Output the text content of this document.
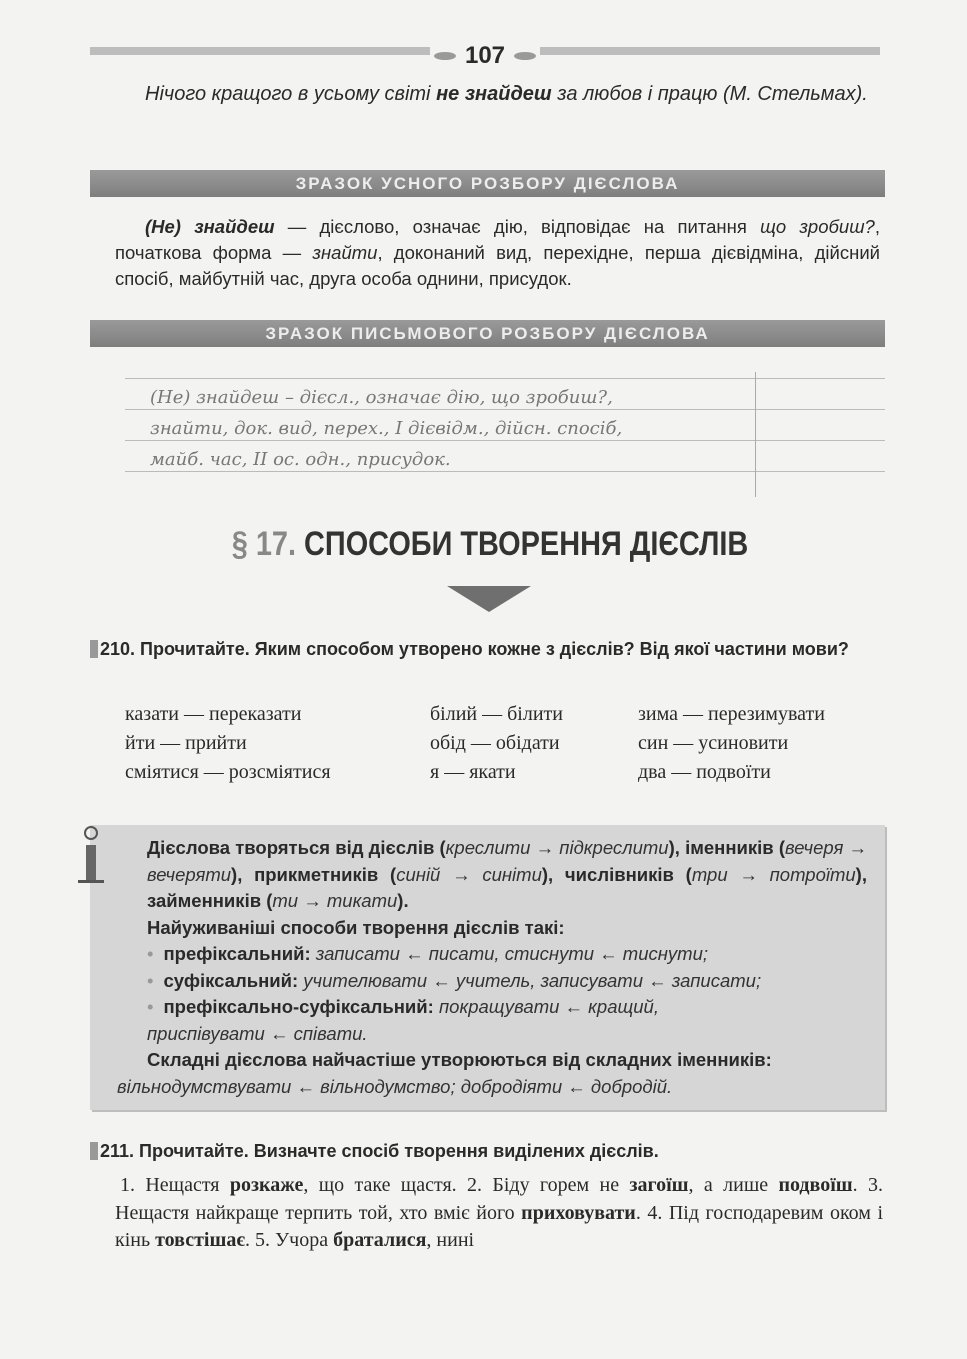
107
Нічого кращого в усьому світі не знайдеш за любов і працю (М. Стельмах).
ЗРАЗОК УСНОГО РОЗБОРУ ДІЄСЛОВА
(Не) знайдеш — дієслово, означає дію, відповідає на питання що зробиш?, початкова форма — знайти, доконаний вид, перехідне, перша дієвідміна, дійсний спосіб, майбутній час, друга особа однини, присудок.
ЗРАЗОК ПИСЬМОВОГО РОЗБОРУ ДІЄСЛОВА
(Не) знайдеш – дієсл., означає дію, що зробиш?,
знайти, док. вид, перех., І дієвідм., дійсн. спосіб,
майб. час, ІІ ос. одн., присудок.
§ 17. СПОСОБИ ТВОРЕННЯ ДІЄСЛІВ
210. Прочитайте. Яким способом утворено кожне з дієслів? Від якої частини мови?
казати — переказати	білий — білити	зима — перезимувати
йти — прийти	обід — обідати	син — усиновити
сміятися — розсміятися	я — якати	два — подвоїти
Дієслова творяться від дієслів (креслити → підкреслити), іменників (вечеря → вечеряти), прикметників (синій → синіти), числівників (три → потроїти), займенників (ти → тикати).
Найуживаніші способи творення дієслів такі:
• префіксальний: записати ← писати, стиснути ← тиснути;
• суфіксальний: учителювати ← учитель, записувати ← записати;
• префіксально-суфіксальний: покращувати ← кращий, приспівувати ← співати.
Складні дієслова найчастіше утворюються від складних іменників:
вільнодумствувати ← вільнодумство; добродіяти ← добродій.
211. Прочитайте. Визначте спосіб творення виділених дієслів.
1. Нещастя розкаже, що таке щастя. 2. Біду горем не загоїш, а лише подвоїш. 3. Нещастя найкраще терпить той, хто вміє його приховувати. 4. Під господаревим оком і кінь товстішає. 5. Учора браталися, нині
